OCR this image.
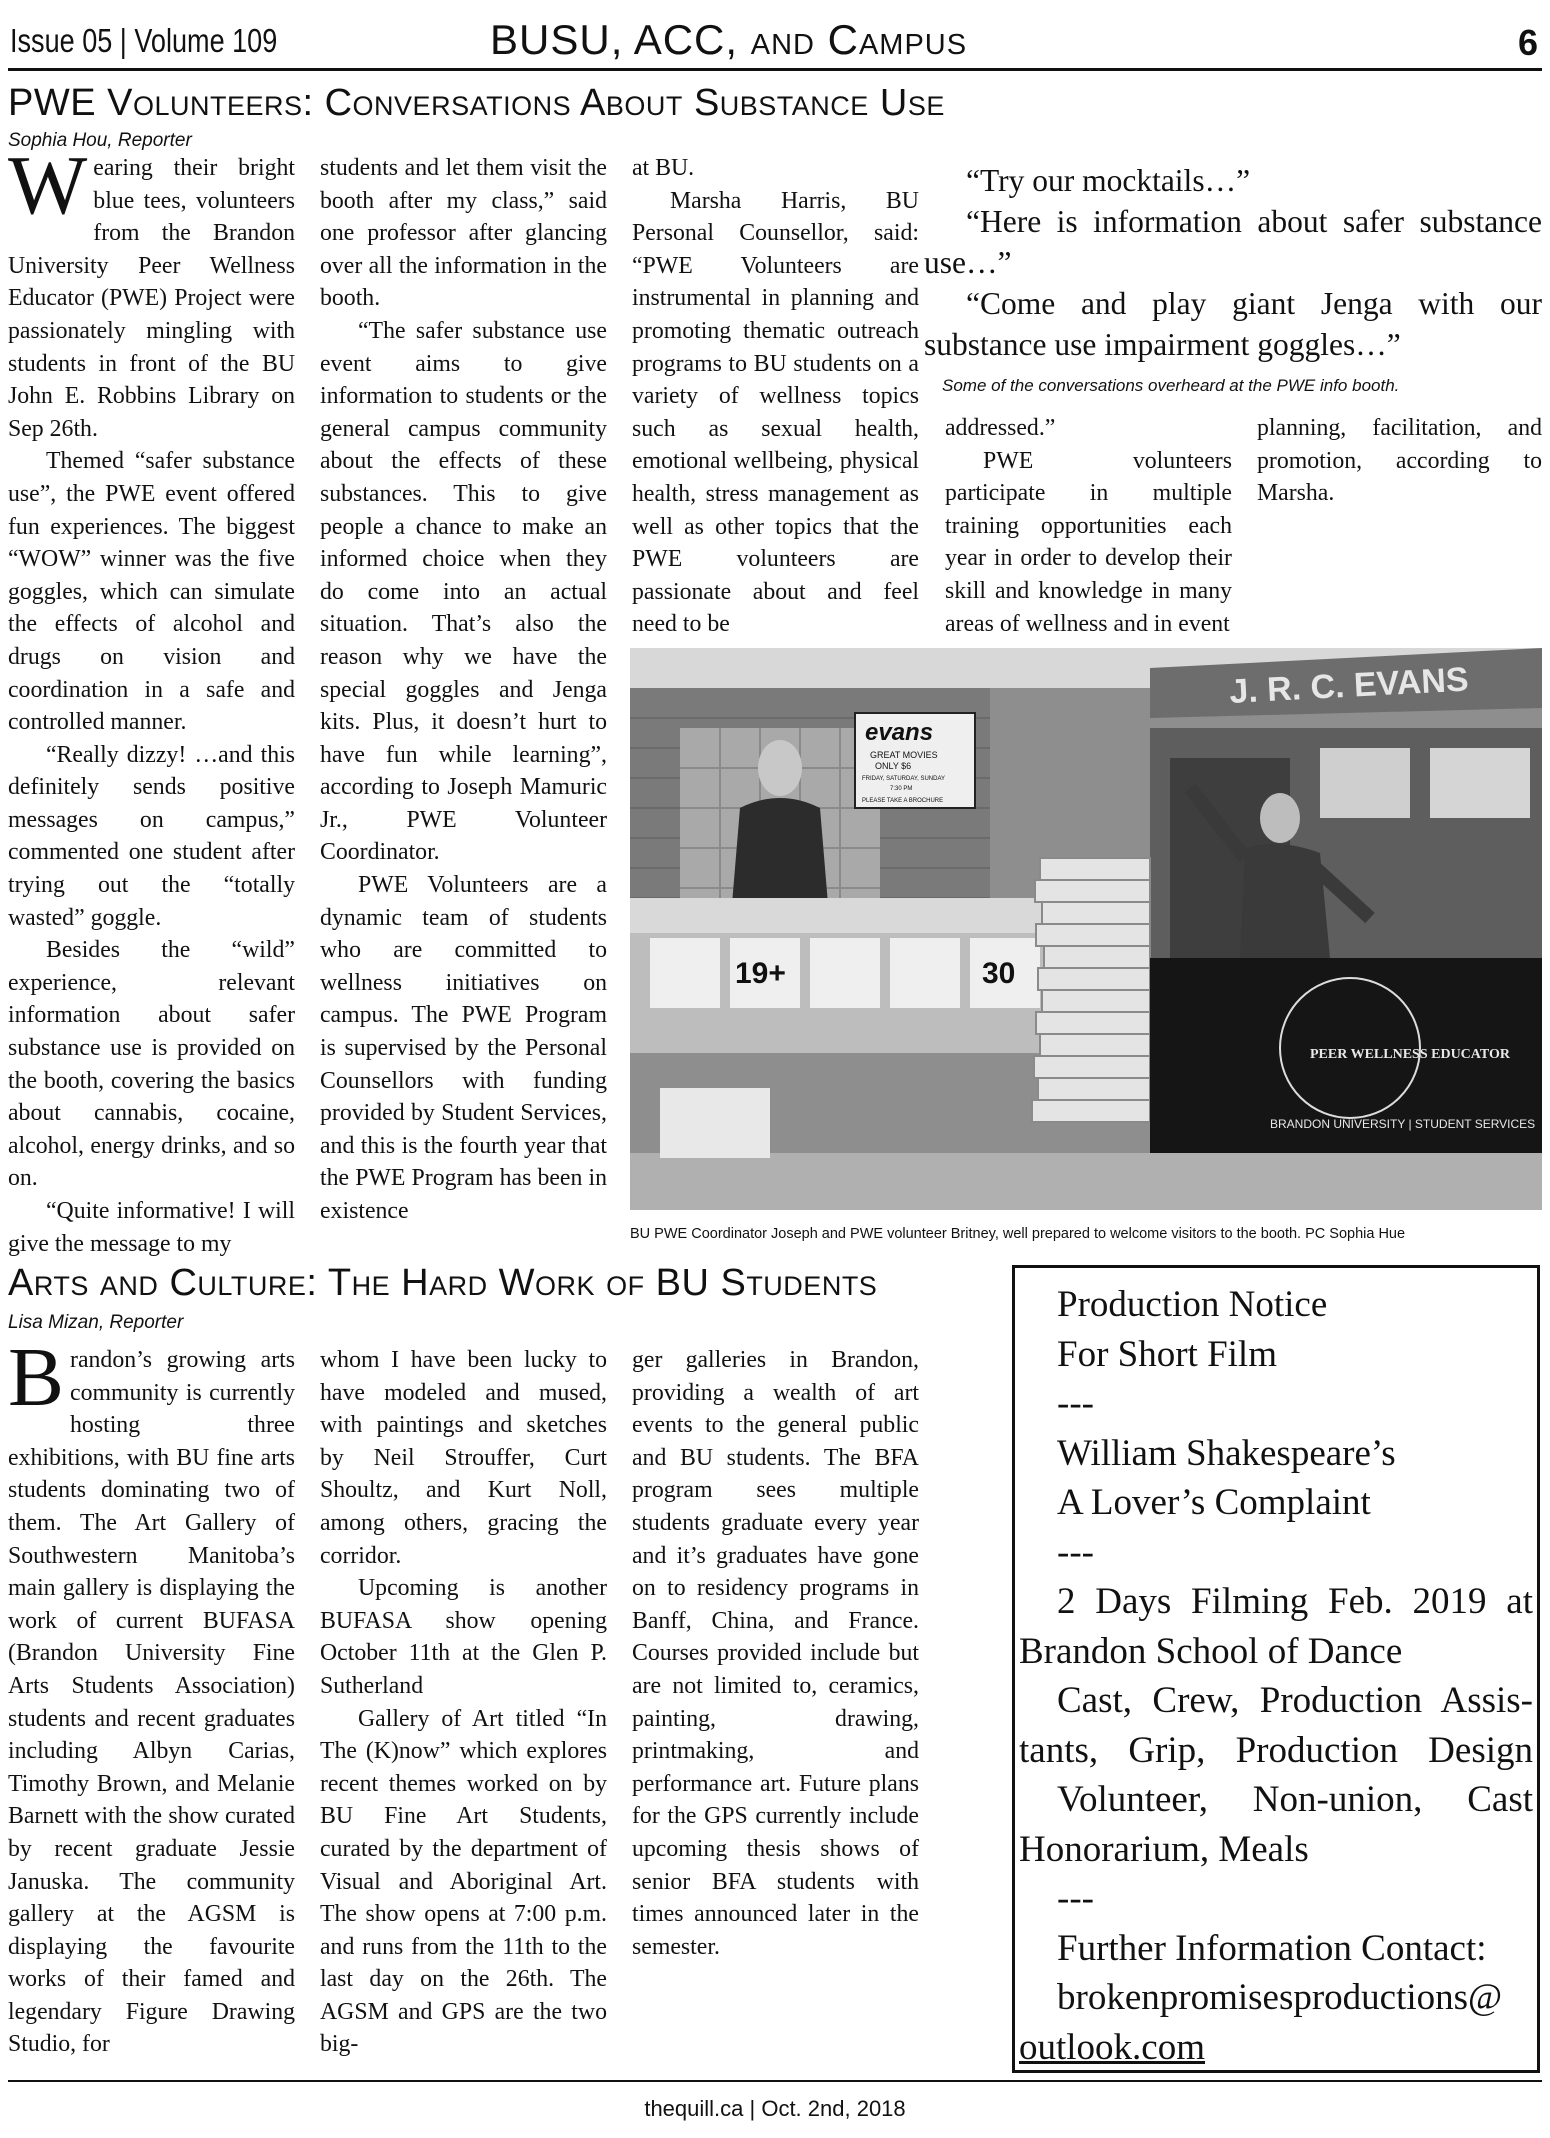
Issue 05 | Volume 109	BUSU, ACC, and Campus	6
PWE Volunteers: Conversations About Substance Use
Sophia Hou, Reporter

Wearing their bright blue tees, volunteers from the Brandon University Peer Wellness Educator (PWE) Project were passionately mingling with students in front of the BU John E. Robbins Library on Sep 26th.

Themed “safer substance use”, the PWE event offered fun experiences. The biggest “WOW” winner was the five goggles, which can simulate the effects of alcohol and drugs on vision and coordination in a safe and controlled manner.

“Really dizzy! …and this definitely sends positive messages on campus,” commented one student after trying out the “totally wasted” goggle.

Besides the “wild” experience, relevant information about safer substance use is provided on the booth, covering the basics about cannabis, cocaine, alcohol, energy drinks, and so on.

“Quite informative! I will give the message to my

students and let them visit the booth after my class,” said one professor after glancing over all the information in the booth.

“The safer substance use event aims to give information to students or the general campus community about the effects of these substances. This to give people a chance to make an informed choice when they do come into an actual situation. That’s also the reason why we have the special goggles and Jenga kits. Plus, it doesn’t hurt to have fun while learning”, according to Joseph Mamuric Jr., PWE Volunteer Coordinator.

PWE Volunteers are a dynamic team of students who are committed to wellness initiatives on campus. The PWE Program is supervised by the Personal Counsellors with funding provided by Student Services, and this is the fourth year that the PWE Program has been in existence

at BU.

Marsha Harris, BU Personal Counsellor, said: “PWE Volunteers are instrumental in planning and promoting thematic outreach programs to BU students on a variety of wellness topics such as sexual health, emotional wellbeing, physical health, stress management as well as other topics that the PWE volunteers are passionate about and feel need to be

“Try our mocktails…”
“Here is information about safer substance use…”
“Come and play giant Jenga with our substance use impairment goggles…”
Some of the conversations overheard at the PWE info booth.

addressed.”

PWE volunteers participate in multiple training opportunities each year in order to develop their skill and knowledge in many areas of wellness and in event

planning, facilitation, and promotion, according to Marsha.

J. R. C. EVANS
evans
GREAT MOVIES
ONLY $6
FRIDAY, SATURDAY, SUNDAY
7:30 PM
PLEASE TAKE A BROCHURE
19+	30
PEER WELLNESS EDUCATOR
BRANDON UNIVERSITY | STUDENT SERVICES
BU PWE Coordinator Joseph and PWE volunteer Britney, well prepared to welcome visitors to the booth. PC Sophia Hue
Arts and Culture: The Hard Work of BU Students
Lisa Mizan, Reporter

Brandon’s growing arts community is currently hosting three exhibitions, with BU fine arts students dominating two of them. The Art Gallery of Southwestern Manitoba’s main gallery is displaying the work of current BUFASA (Brandon University Fine Arts Students Association) students and recent graduates including Albyn Carias, Timothy Brown, and Melanie Barnett with the show curated by recent graduate Jessie Januska. The community gallery at the AGSM is displaying the favourite works of their famed and legendary Figure Drawing Studio, for

whom I have been lucky to have modeled and mused, with paintings and sketches by Neil Strouffer, Curt Shoultz, and Kurt Noll, among others, gracing the corridor.

Upcoming is another BUFASA show opening October 11th at the Glen P. Sutherland

Gallery of Art titled “In The (K)now” which explores recent themes worked on by BU Fine Art Students, curated by the department of Visual and Aboriginal Art. The show opens at 7:00 p.m. and runs from the 11th to the last day on the 26th. The AGSM and GPS are the two big-

ger galleries in Brandon, providing a wealth of art events to the general public and BU students. The BFA program sees multiple students graduate every year and it’s graduates have gone on to residency programs in Banff, China, and France. Courses provided include but are not limited to, ceramics, painting, drawing, printmaking, and performance art. Future plans for the GPS currently include upcoming thesis shows of senior BFA students with times announced later in the semester.

Production Notice
For Short Film
---
William Shakespeare’s
A Lover’s Complaint
---
2 Days Filming Feb. 2019 at
Brandon School of Dance
Cast, Crew, Production Assis-
tants, Grip, Production Design
Volunteer, Non-union, Cast
Honorarium, Meals
---
Further Information Contact:
brokenpromisesproductions@
outlook.com
thequill.ca | Oct. 2nd, 2018
